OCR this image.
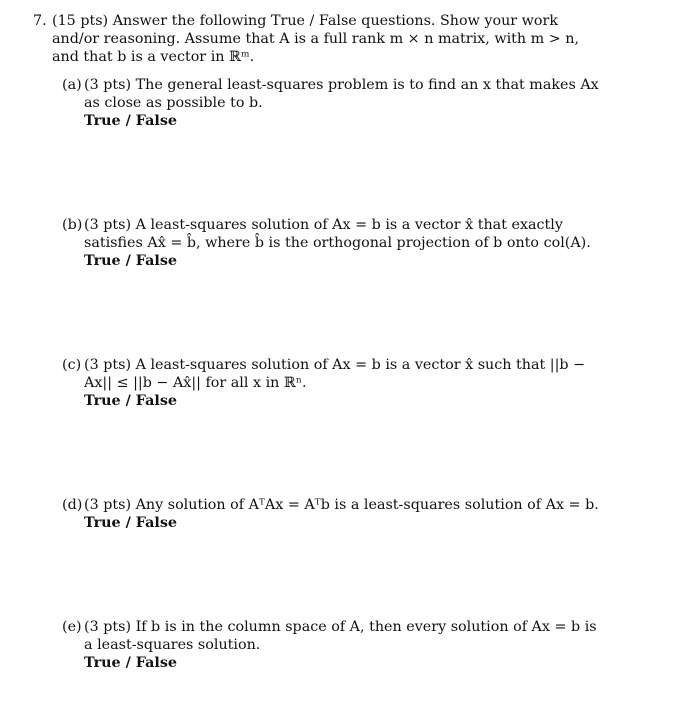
7. (15 pts) Answer the following True / False questions. Show your work and/or reasoning. Assume that A is a full rank m × n matrix, with m > n, and that b is a vector in ℝᵐ.

(a) (3 pts) The general least-squares problem is to find an x that makes Ax as close as possible to b.
True / False
(b) (3 pts) A least-squares solution of Ax = b is a vector x̂ that exactly satisfies Ax̂ = b̂, where b̂ is the orthogonal projection of b onto col(A).
True / False
(c) (3 pts) A least-squares solution of Ax = b is a vector x̂ such that ||b − Ax|| ≤ ||b − Ax̂|| for all x in ℝⁿ.
True / False
(d) (3 pts) Any solution of AᵀAx = Aᵀb is a least-squares solution of Ax = b.
True / False
(e) (3 pts) If b is in the column space of A, then every solution of Ax = b is a least-squares solution.
True / False
